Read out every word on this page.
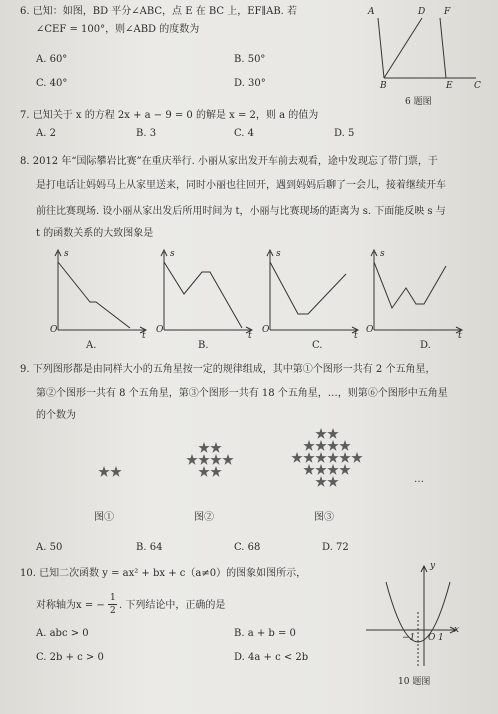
6. 已知：如图，BD 平分∠ABC，点 E 在 BC 上，EF∥AB. 若
∠CEF = 100°，则∠ABD 的度数为
A. 60°	B. 50°
C. 40°	D. 30°
A	D F
B	E C
6 题图
7. 已知关于 x 的方程 2x + a − 9 = 0 的解是 x = 2，则 a 的值为
A. 2	B. 3	C. 4	D. 5
8. 2012 年“国际攀岩比赛”在重庆举行. 小丽从家出发开车前去观看，途中发现忘了带门票，于
是打电话让妈妈马上从家里送来，同时小丽也往回开，遇到妈妈后聊了一会儿，接着继续开车
前往比赛现场. 设小丽从家出发后所用时间为 t，小丽与比赛现场的距离为 s. 下面能反映 s 与
t 的函数关系的大致图象是
O
s
t
A.
O
s
t
B.
O
s
t
C.
O
s
t
D.
9. 下列图形都是由同样大小的五角星按一定的规律组成，其中第①个图形一共有 2 个五角星，
第②个图形一共有 8 个五角星，第③个图形一共有 18 个五角星，…，则第⑥个图形中五角星
的个数为
图①	图②	图③
…
A. 50	B. 64	C. 68	D. 72
10. 已知二次函数 y = ax² + bx + c（a≠0）的图象如图所示，
对称轴为x = −
1
2 . 下列结论中，正确的是
A. abc > 0	B. a + b = 0
C. 2b + c > 0	D. 4a + c < 2b
y
x
−1 O 1
10 题图
